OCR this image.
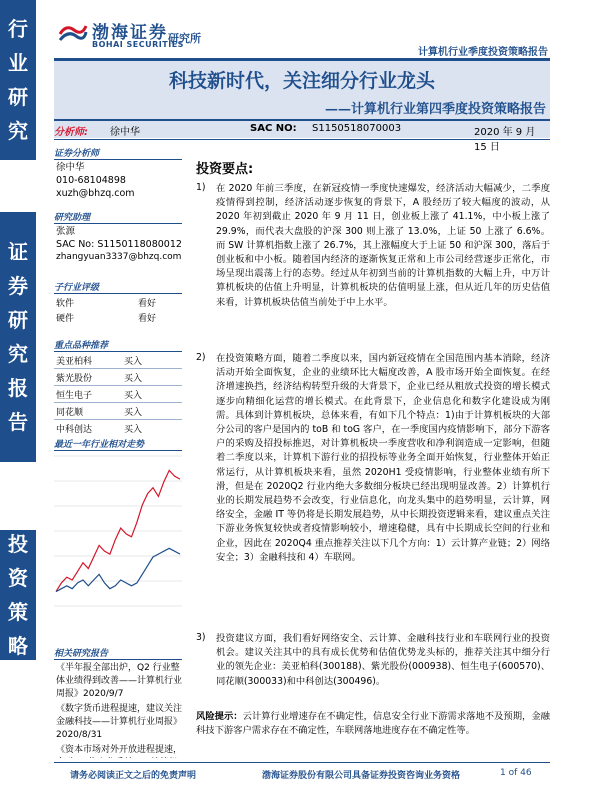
行
业
研
究
证
券
研
究
报
告
投
资
策
略
渤海证券
BOHAI SECURITIES
研究所
计算机行业季度投资策略报告
科技新时代，关注细分行业龙头
——计算机行业第四季度投资策略报告
分析师: 徐中华	SAC NO: S1150518070003	2020 年 9 月 15 日
证券分析师
徐中华
010-68104898
xuzh@bhzq.com
研究助理
张源
SAC No: S1150118080012
zhangyuan3337@bhzq.com
子行业评级
软件	看好
硬件	看好
重点品种推荐
美亚柏科	买入
紫光股份	买入
恒生电子	买入
同花顺	买入
中科创达	买入
最近一年行业相对走势
相关研究报告
《半年报全部出炉，Q2 行业整体业绩得到改善——计算机行业周报》2020/9/7
《数字货币进程提速，建议关注金融科技——计算机行业周报》2020/8/31
《资本市场对外开放进程提速，
投资要点:
1) 在 2020 年前三季度，在新冠疫情一季度快速爆发，经济活动大幅减少，二季度疫情得到控制，经济活动逐步恢复的背景下，A 股经历了较大幅度的波动，从 2020 年初到截止 2020 年 9 月 11 日，创业板上涨了 41.1%，中小板上涨了 29.9%，而代表大盘股的沪深 300 则上涨了 13.0%，上证 50 上涨了 6.6%。而 SW 计算机指数上涨了 26.7%，其上涨幅度大于上证 50 和沪深 300，落后于创业板和中小板。随着国内经济的逐渐恢复正常和上市公司经营逐步正常化，市场呈现出震荡上行的态势。经过从年初到当前的计算机指数的大幅上升，中万计算机板块的估值上升明显，计算机板块的估值明显上涨，但从近几年的历史估值来看，计算机板块估值当前处于中上水平。
2) 在投资策略方面，随着二季度以来，国内新冠疫情在全国范围内基本消除，经济活动开始全面恢复，企业的业绩环比大幅度改善，A 股市场开始全面恢复。在经济增速换挡，经济结构转型升级的大背景下，企业已经从粗放式投资的增长模式逐步向精细化运营的增长模式。在此背景下，企业信息化和数字化建设成为刚需。具体到计算机板块，总体来看，有如下几个特点：1)由于计算机板块的大部分公司的客户是国内的 toB 和 toG 客户，在一季度国内疫情影响下，部分下游客户的采购及招投标推迟，对计算机板块一季度营收和净利润造成一定影响，但随着二季度以来，计算机下游行业的招投标等业务全面开始恢复，行业整体开始正常运行，从计算机板块来看，虽然 2020H1 受疫情影响，行业整体业绩有所下滑，但是在 2020Q2 行业内绝大多数细分板块已经出现明显改善。2）计算机行业的长期发展趋势不会改变，行业信息化，向龙头集中的趋势明显，云计算，网络安全，金融 IT 等仍将是长期发展趋势，从中长期投资逻辑来看，建议重点关注下游业务恢复较快或者疫情影响较小，增速稳健，具有中长期成长空间的行业和企业，因此在 2020Q4 重点推荐关注以下几个方向：1）云计算产业链；2）网络安全；3）金融科技和 4）车联网。
3) 投资建议方面，我们看好网络安全、云计算、金融科技行业和车联网行业的投资机会。建议关注其中的具有成长优势和估值优势龙头标的，推荐关注其中细分行业的领先企业：美亚柏科(300188)、紫光股份(000938)、恒生电子(600570)、同花顺(300033)和中科创达(300496)。
风险提示：云计算行业增速存在不确定性，信息安全行业下游需求落地不及预期，金融科技下游客户需求存在不确定性，车联网落地进度存在不确定性等。
请务必阅读正文之后的免责声明	渤海证券股份有限公司具备证券投资咨询业务资格	1 of 46
